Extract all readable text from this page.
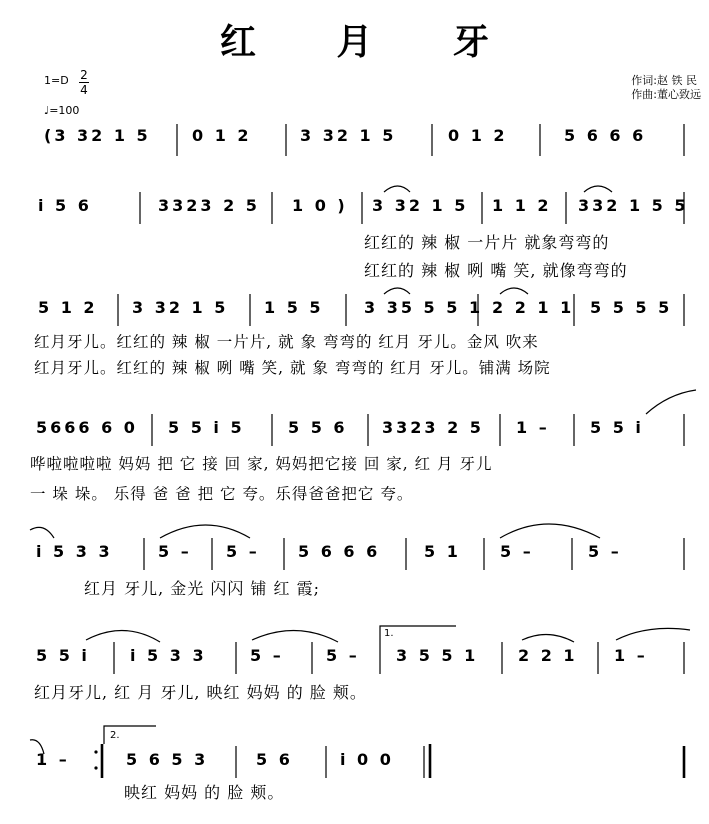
红 月 牙
1=D 2
4
♩=100
作词:赵 铁 民
作曲:董心致远
(3 32 1 5	0 1 2	3 32 1 5	0 1 2	5 6 6 6
i 5 6	3323 2 5 1 0 ) 3 32 1 5 1 1 2 332 1 5 5
红红的 辣 椒 一片片 就象弯弯的
红红的 辣 椒 咧 嘴 笑, 就像弯弯的
5 1 2 3 32 1 5 1 5 5	3 35 5 5 1 2 2 1 1 5 5 5 5
红月牙儿。红红的 辣 椒 一片片, 就 象 弯弯的 红月 牙儿。金风 吹来
红月牙儿。红红的 辣 椒 咧 嘴 笑, 就 象 弯弯的 红月 牙儿。铺满 场院
5666 6 0 5 5 i 5	5 5 6 3323 2 5 1 –	5 5 i
哗啦啦啦啦 妈妈 把 它 接 回 家, 妈妈把它接 回 家, 红 月 牙儿
一 垛 垛。 乐得 爸 爸 把 它 夸。乐得爸爸把它 夸。
i 5 3 3	5 – 5 – 5 6 6 6	5 1 5 –	5 –
红月 牙儿, 金光 闪闪 铺 红 霞;
5 5 i	i 5 3 3	5 –	5 – 3 5 5 1 2 2 1 1 –
红月牙儿, 红 月 牙儿, 映红 妈妈 的 脸 颊。
1.
1 –	5 6 5 3	5 6	i 0 0
映红 妈妈 的 脸 颊。
2.
